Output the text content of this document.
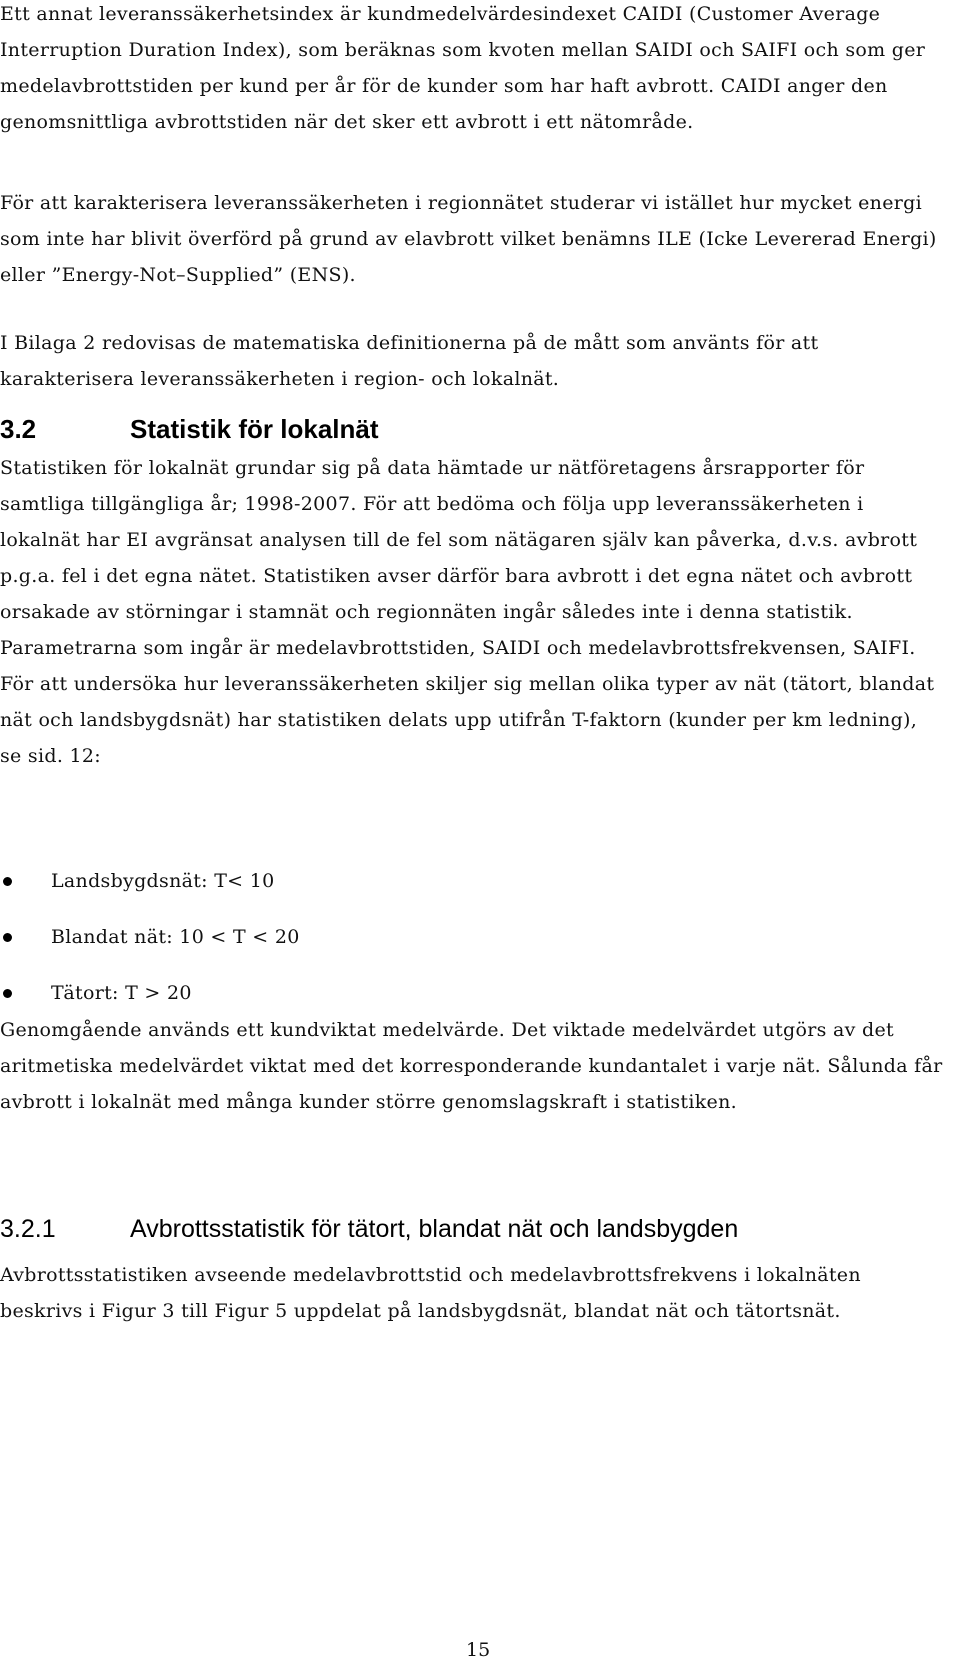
Ett annat leveranssäkerhetsindex är kundmedelvärdesindexet CAIDI (Customer Average Interruption Duration Index), som beräknas som kvoten mellan SAIDI och SAIFI och som ger medelavbrottstiden per kund per år för de kunder som har haft avbrott. CAIDI anger den genomsnittliga avbrottstiden när det sker ett avbrott i ett nätområde.

För att karakterisera leveranssäkerheten i regionnätet studerar vi istället hur mycket energi som inte har blivit överförd på grund av elavbrott vilket benämns ILE (Icke Levererad Energi) eller ”Energy-Not–Supplied” (ENS).

I Bilaga 2 redovisas de matematiska definitionerna på de mått som använts för att karakterisera leveranssäkerheten i region- och lokalnät.

3.2	Statistik för lokalnät

Statistiken för lokalnät grundar sig på data hämtade ur nätföretagens årsrapporter för samtliga tillgängliga år; 1998-2007. För att bedöma och följa upp leveranssäkerheten i lokalnät har EI avgränsat analysen till de fel som nätägaren själv kan påverka, d.v.s. avbrott p.g.a. fel i det egna nätet. Statistiken avser därför bara avbrott i det egna nätet och avbrott orsakade av störningar i stamnät och regionnäten ingår således inte i denna statistik. Parametrarna som ingår är medelavbrottstiden, SAIDI och medelavbrottsfrekvensen, SAIFI. För att undersöka hur leveranssäkerheten skiljer sig mellan olika typer av nät (tätort, blandat nät och landsbygdsnät) har statistiken delats upp utifrån T-faktorn (kunder per km ledning), se sid. 12:

Landsbygdsnät: T< 10
Blandat nät: 10 < T < 20
Tätort: T > 20

Genomgående används ett kundviktat medelvärde. Det viktade medelvärdet utgörs av det aritmetiska medelvärdet viktat med det korresponderande kundantalet i varje nät. Sålunda får avbrott i lokalnät med många kunder större genomslagskraft i statistiken.

3.2.1	Avbrottsstatistik för tätort, blandat nät och landsbygden

Avbrottsstatistiken avseende medelavbrottstid och medelavbrottsfrekvens i lokalnäten beskrivs i Figur 3 till Figur 5 uppdelat på landsbygdsnät, blandat nät och tätortsnät.

15
